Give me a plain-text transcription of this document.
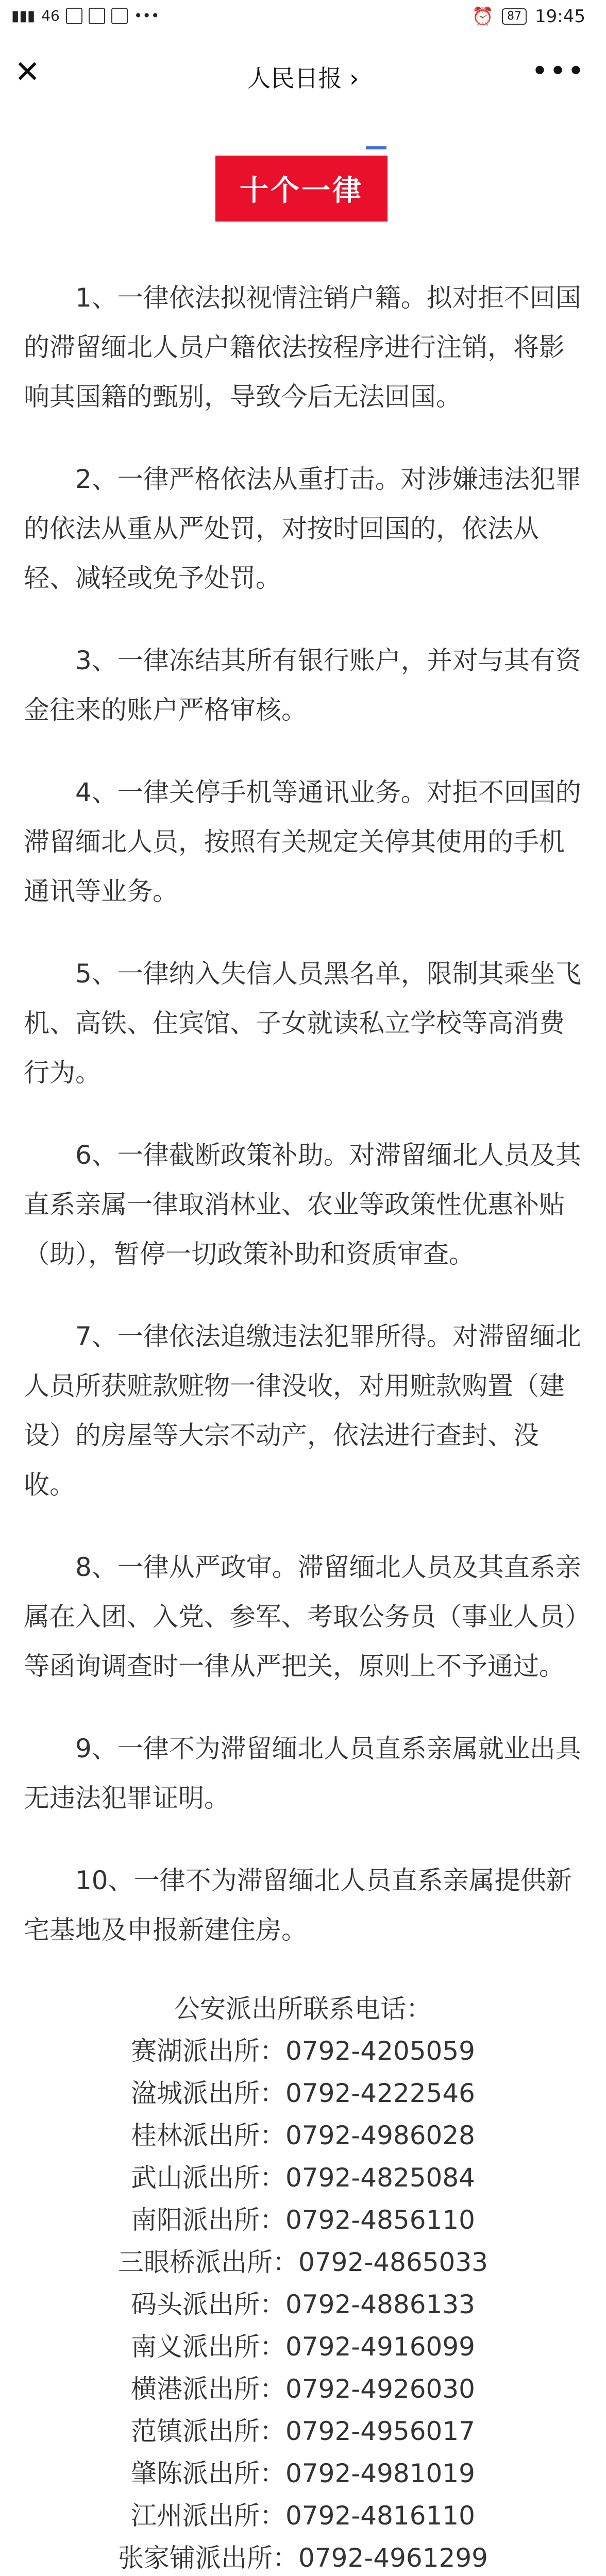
▮▮▮ 46	•••	⏰	87 19:45
✕	人民日报 ›	•••
十个一律

1、一律依法拟视情注销户籍。拟对拒不回国的滞留缅北人员户籍依法按程序进行注销，将影响其国籍的甄别，导致今后无法回国。

2、一律严格依法从重打击。对涉嫌违法犯罪的依法从重从严处罚，对按时回国的，依法从轻、减轻或免予处罚。

3、一律冻结其所有银行账户，并对与其有资金往来的账户严格审核。

4、一律关停手机等通讯业务。对拒不回国的滞留缅北人员，按照有关规定关停其使用的手机通讯等业务。

5、一律纳入失信人员黑名单，限制其乘坐飞机、高铁、住宾馆、子女就读私立学校等高消费行为。

6、一律截断政策补助。对滞留缅北人员及其直系亲属一律取消林业、农业等政策性优惠补贴（助），暂停一切政策补助和资质审查。

7、一律依法追缴违法犯罪所得。对滞留缅北人员所获赃款赃物一律没收，对用赃款购置（建设）的房屋等大宗不动产，依法进行查封、没收。

8、一律从严政审。滞留缅北人员及其直系亲属在入团、入党、参军、考取公务员（事业人员）等函询调查时一律从严把关，原则上不予通过。

9、一律不为滞留缅北人员直系亲属就业出具无违法犯罪证明。

10、一律不为滞留缅北人员直系亲属提供新宅基地及申报新建住房。

公安派出所联系电话：
赛湖派出所：0792-4205059
湓城派出所：0792-4222546
桂林派出所：0792-4986028
武山派出所：0792-4825084
南阳派出所：0792-4856110
三眼桥派出所：0792-4865033
码头派出所：0792-4886133
南义派出所：0792-4916099
横港派出所：0792-4926030
范镇派出所：0792-4956017
肇陈派出所：0792-4981019
江州派出所：0792-4816110
张家铺派出所：0792-4961299
